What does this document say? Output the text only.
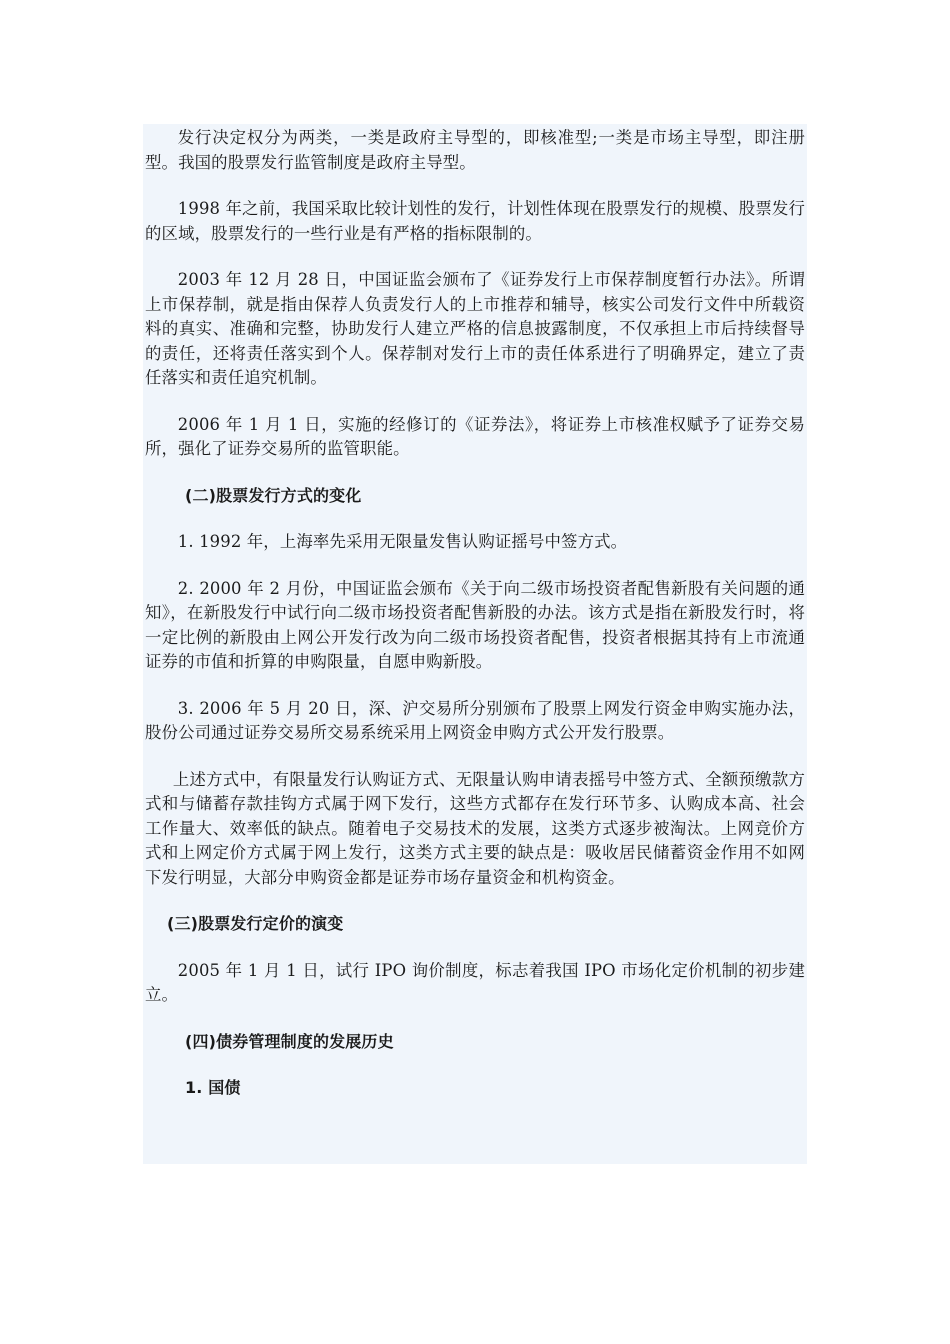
发行决定权分为两类，一类是政府主导型的，即核准型;一类是市场主导型，即注册型。我国的股票发行监管制度是政府主导型。

1998 年之前，我国采取比较计划性的发行，计划性体现在股票发行的规模、股票发行的区域，股票发行的一些行业是有严格的指标限制的。

2003 年 12 月 28 日，中国证监会颁布了《证券发行上市保荐制度暂行办法》。所谓上市保荐制，就是指由保荐人负责发行人的上市推荐和辅导，核实公司发行文件中所载资料的真实、准确和完整，协助发行人建立严格的信息披露制度，不仅承担上市后持续督导的责任，还将责任落实到个人。保荐制对发行上市的责任体系进行了明确界定，建立了责任落实和责任追究机制。

2006 年 1 月 1 日，实施的经修订的《证券法》，将证券上市核准权赋予了证券交易所，强化了证券交易所的监管职能。

(二)股票发行方式的变化

1. 1992 年，上海率先采用无限量发售认购证摇号中签方式。

2. 2000 年 2 月份，中国证监会颁布《关于向二级市场投资者配售新股有关问题的通知》，在新股发行中试行向二级市场投资者配售新股的办法。该方式是指在新股发行时，将一定比例的新股由上网公开发行改为向二级市场投资者配售，投资者根据其持有上市流通证券的市值和折算的申购限量，自愿申购新股。

3. 2006 年 5 月 20 日，深、沪交易所分别颁布了股票上网发行资金申购实施办法，股份公司通过证券交易所交易系统采用上网资金申购方式公开发行股票。

上述方式中，有限量发行认购证方式、无限量认购申请表摇号中签方式、全额预缴款方式和与储蓄存款挂钩方式属于网下发行，这些方式都存在发行环节多、认购成本高、社会工作量大、效率低的缺点。随着电子交易技术的发展，这类方式逐步被淘汰。上网竞价方式和上网定价方式属于网上发行，这类方式主要的缺点是：吸收居民储蓄资金作用不如网下发行明显，大部分申购资金都是证券市场存量资金和机构资金。

(三)股票发行定价的演变

2005 年 1 月 1 日，试行 IPO 询价制度，标志着我国 IPO 市场化定价机制的初步建立。

(四)债券管理制度的发展历史

1. 国债
